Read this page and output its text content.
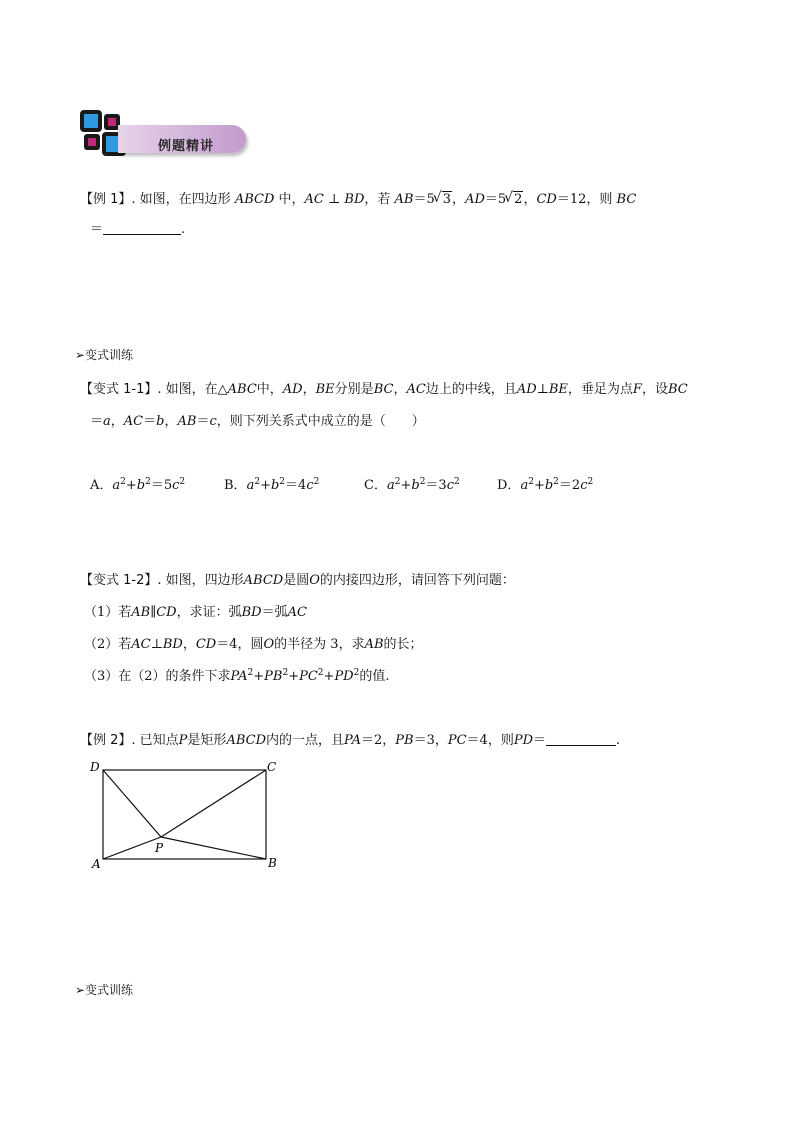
例题精讲
【例 1】. 如图，在四边形 ABCD 中，AC ⊥ BD，若 AB＝5 √ 3，AD＝5 √ 2，CD＝12，则 BC
＝	.
➢变式训练
【变式 1-1】. 如图，在△ABC中，AD，BE分别是BC，AC边上的中线，且AD⊥BE，垂足为点F，设BC
＝a，AC＝b，AB＝c，则下列关系式中成立的是（　　）
A．$a^2+b^2=5c^2$	B．$a^2+b^2=4c^2$	C．$a^2+b^2=3c^2$	D．$a^2+b^2=2c^2$
【变式 1-2】. 如图，四边形ABCD是圆O的内接四边形，请回答下列问题：
（1）若AB∥CD，求证：弧BD＝弧AC
（2）若AC⊥BD，CD＝4，圆O的半径为 3，求AB的长；
（3）在（2）的条件下求$PA^2+PB^2+PC^2+PD^2$的值.
【例 2】. 已知点P是矩形ABCD内的一点，且PA＝2，PB＝3，PC＝4，则PD＝	.
D	C
A	B
P
➢变式训练
